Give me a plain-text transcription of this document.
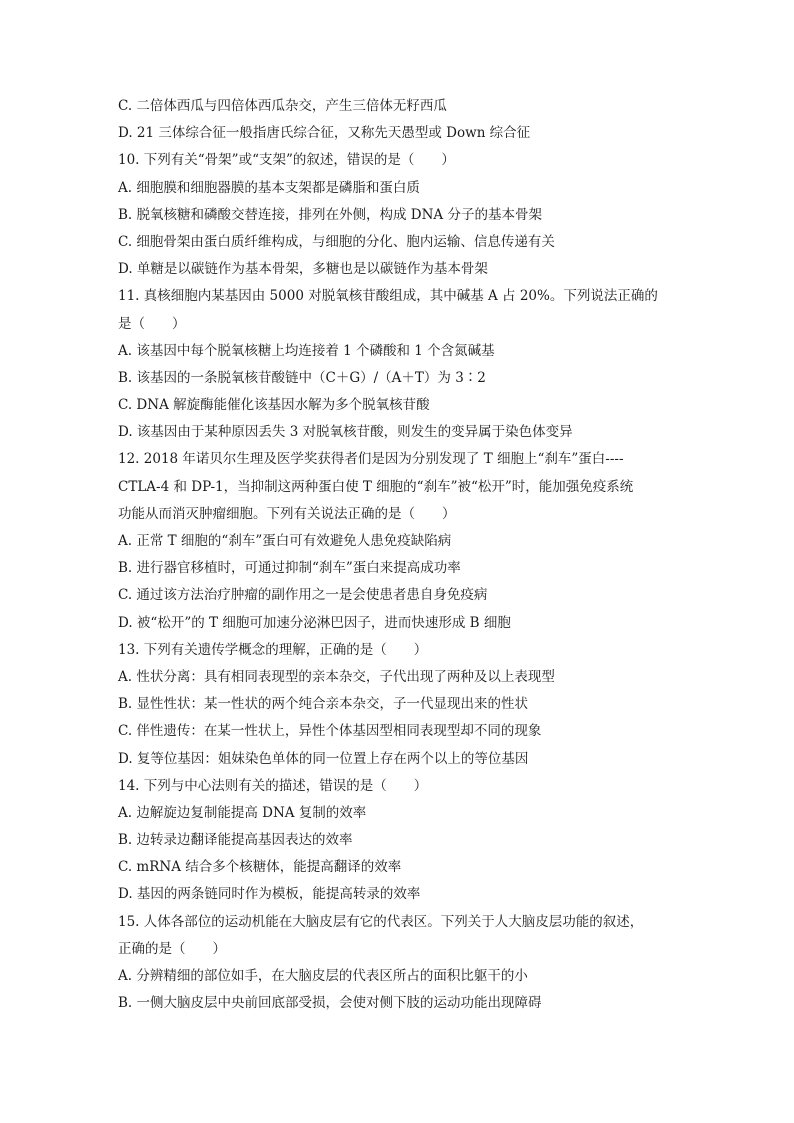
C. 二倍体西瓜与四倍体西瓜杂交，产生三倍体无籽西瓜
D. 21 三体综合征一般指唐氏综合征，又称先天愚型或 Down 综合征
10. 下列有关“骨架”或“支架”的叙述，错误的是（　　）
A. 细胞膜和细胞器膜的基本支架都是磷脂和蛋白质
B. 脱氧核糖和磷酸交替连接，排列在外侧，构成 DNA 分子的基本骨架
C. 细胞骨架由蛋白质纤维构成，与细胞的分化、胞内运输、信息传递有关
D. 单糖是以碳链作为基本骨架，多糖也是以碳链作为基本骨架
11. 真核细胞内某基因由 5000 对脱氧核苷酸组成，其中碱基 A 占 20%。下列说法正确的
是（　　）
A. 该基因中每个脱氧核糖上均连接着 1 个磷酸和 1 个含氮碱基
B. 该基因的一条脱氧核苷酸链中（C＋G）/（A＋T）为 3∶2
C. DNA 解旋酶能催化该基因水解为多个脱氧核苷酸
D. 该基因由于某种原因丢失 3 对脱氧核苷酸，则发生的变异属于染色体变异
12. 2018 年诺贝尔生理及医学奖获得者们是因为分别发现了 T 细胞上“刹车”蛋白----
CTLA-4 和 DP-1，当抑制这两种蛋白使 T 细胞的“刹车”被“松开”时，能加强免疫系统
功能从而消灭肿瘤细胞。下列有关说法正确的是（　　）
A. 正常 T 细胞的“刹车”蛋白可有效避免人患免疫缺陷病
B. 进行器官移植时，可通过抑制“刹车”蛋白来提高成功率
C. 通过该方法治疗肿瘤的副作用之一是会使患者患自身免疫病
D. 被“松开”的 T 细胞可加速分泌淋巴因子，进而快速形成 B 细胞
13. 下列有关遗传学概念的理解，正确的是（　　）
A. 性状分离：具有相同表现型的亲本杂交，子代出现了两种及以上表现型
B. 显性性状：某一性状的两个纯合亲本杂交，子一代显现出来的性状
C. 伴性遗传：在某一性状上，异性个体基因型相同表现型却不同的现象
D. 复等位基因：姐妹染色单体的同一位置上存在两个以上的等位基因
14. 下列与中心法则有关的描述，错误的是（　　）
A. 边解旋边复制能提高 DNA 复制的效率
B. 边转录边翻译能提高基因表达的效率
C. mRNA 结合多个核糖体，能提高翻译的效率
D. 基因的两条链同时作为模板，能提高转录的效率
15. 人体各部位的运动机能在大脑皮层有它的代表区。下列关于人大脑皮层功能的叙述，
正确的是（　　）
A. 分辨精细的部位如手，在大脑皮层的代表区所占的面积比躯干的小
B. 一侧大脑皮层中央前回底部受损，会使对侧下肢的运动功能出现障碍
